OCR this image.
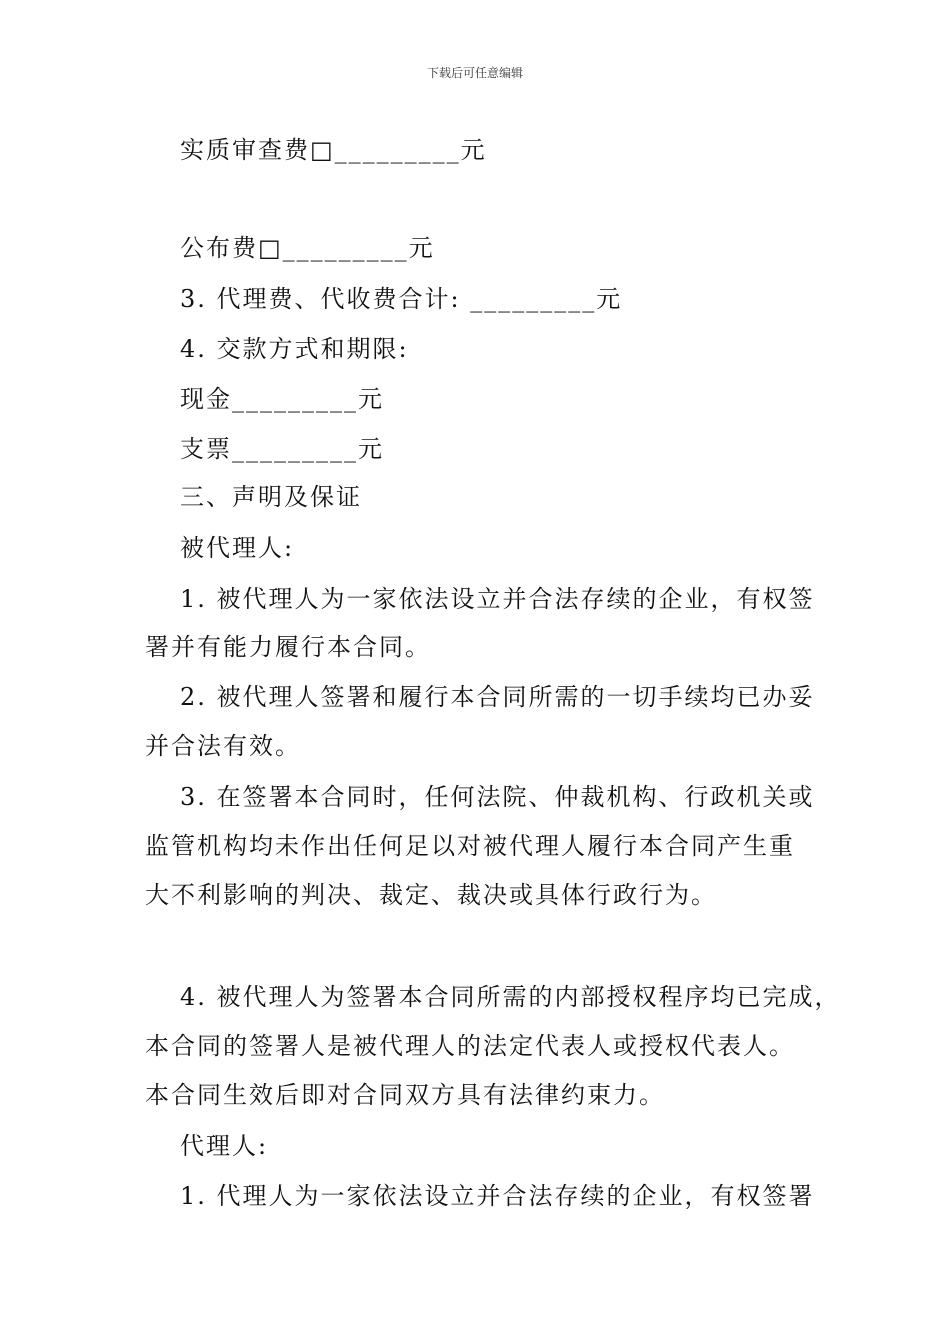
下载后可任意编辑
实质审查费□_________元
公布费□_________元
3. 代理费、代收费合计: _________元
4. 交款方式和期限:
现金_________元
支票_________元
三、声明及保证
被代理人:
1. 被代理人为一家依法设立并合法存续的企业，有权签
署并有能力履行本合同。
2. 被代理人签署和履行本合同所需的一切手续均已办妥
并合法有效。
3. 在签署本合同时，任何法院、仲裁机构、行政机关或
监管机构均未作出任何足以对被代理人履行本合同产生重
大不利影响的判决、裁定、裁决或具体行政行为。
4. 被代理人为签署本合同所需的内部授权程序均已完成，
本合同的签署人是被代理人的法定代表人或授权代表人。
本合同生效后即对合同双方具有法律约束力。
代理人:
1. 代理人为一家依法设立并合法存续的企业，有权签署
